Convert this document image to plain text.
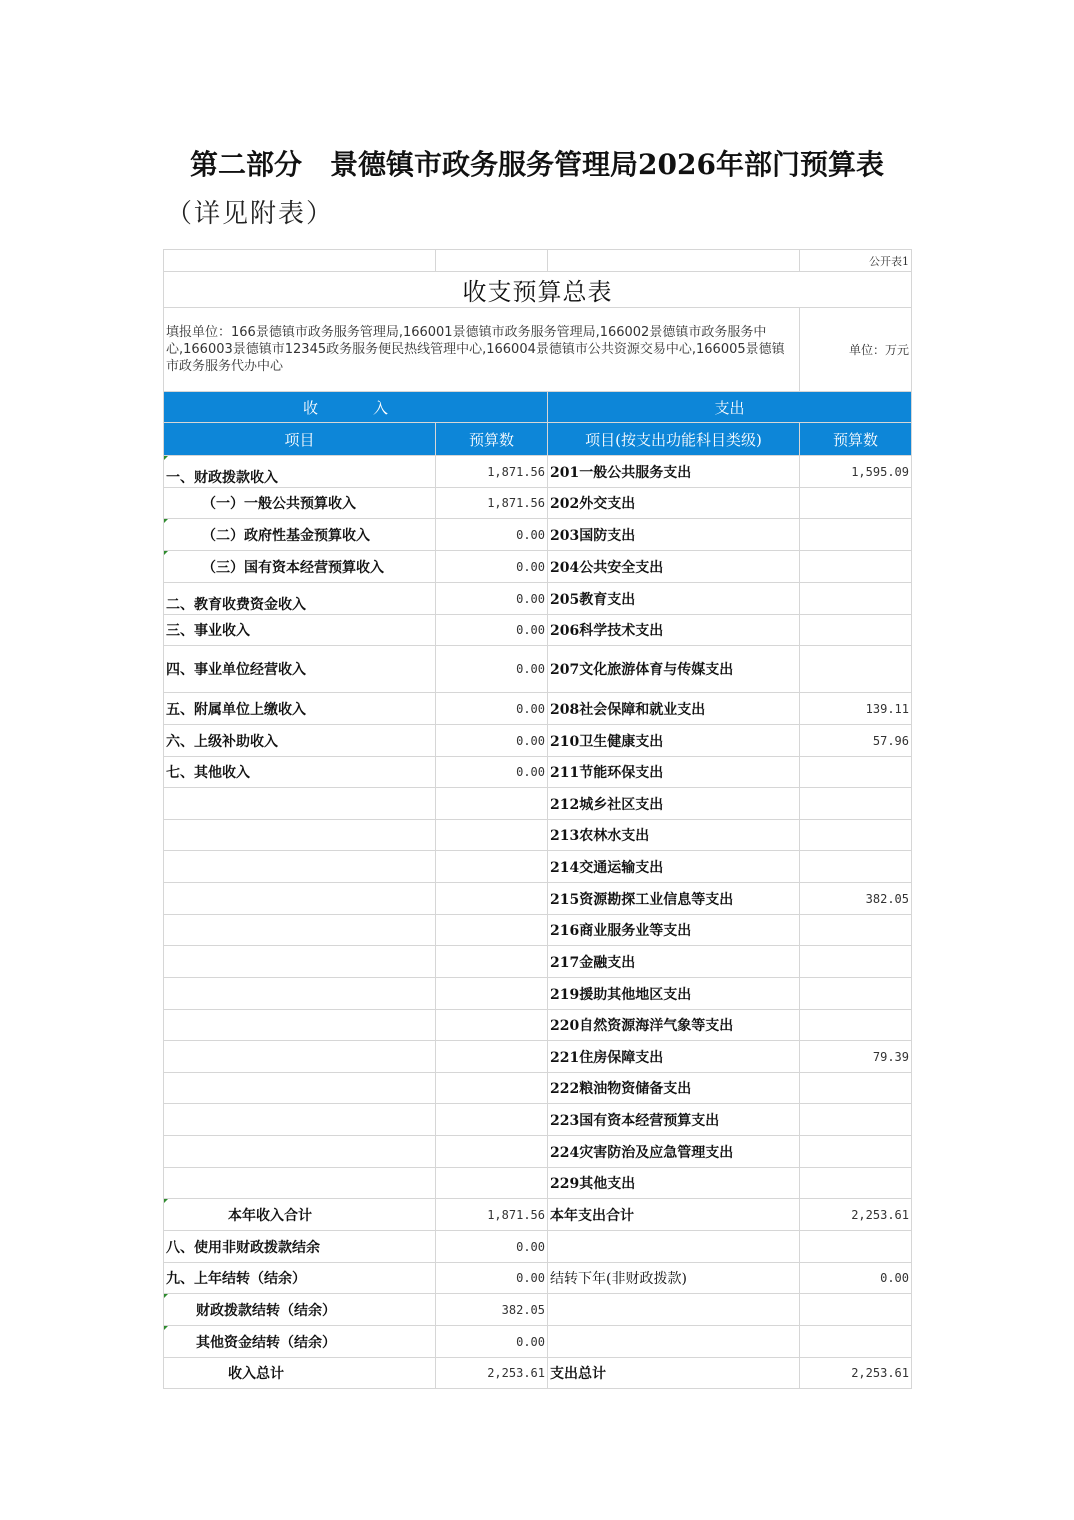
第二部分　景德镇市政务服务管理局2026年部门预算表
（详见附表）
			公开表1
收支预算总表			
填报单位：166景德镇市政务服务管理局,166001景德镇市政务服务管理局,166002景德镇市政务服务中心,166003景德镇市12345政务服务便民热线管理中心,166004景德镇市公共资源交易中心,166005景德镇市政务服务代办中心			单位：万元
收　入		支出	
项目	预算数	项目(按支出功能科目类级)	预算数
一、财政拨款收入	1,871.56	201一般公共服务支出	1,595.09
（一）一般公共预算收入	1,871.56	202外交支出	
（二）政府性基金预算收入	0.00	203国防支出	
（三）国有资本经营预算收入	0.00	204公共安全支出	
二、教育收费资金收入	0.00	205教育支出	
三、事业收入	0.00	206科学技术支出	
四、事业单位经营收入	0.00	207文化旅游体育与传媒支出	
五、附属单位上缴收入	0.00	208社会保障和就业支出	139.11
六、上级补助收入	0.00	210卫生健康支出	57.96
七、其他收入	0.00	211节能环保支出	
		212城乡社区支出	
		213农林水支出	
		214交通运输支出	
		215资源勘探工业信息等支出	382.05
		216商业服务业等支出	
		217金融支出	
		219援助其他地区支出	
		220自然资源海洋气象等支出	
		221住房保障支出	79.39
		222粮油物资储备支出	
		223国有资本经营预算支出	
		224灾害防治及应急管理支出	
		229其他支出	
本年收入合计	1,871.56	本年支出合计	2,253.61
八、使用非财政拨款结余	0.00		
九、上年结转（结余）	0.00	结转下年(非财政拨款)	0.00
财政拨款结转（结余）	382.05		
其他资金结转（结余）	0.00		
收入总计	2,253.61	支出总计	2,253.61
